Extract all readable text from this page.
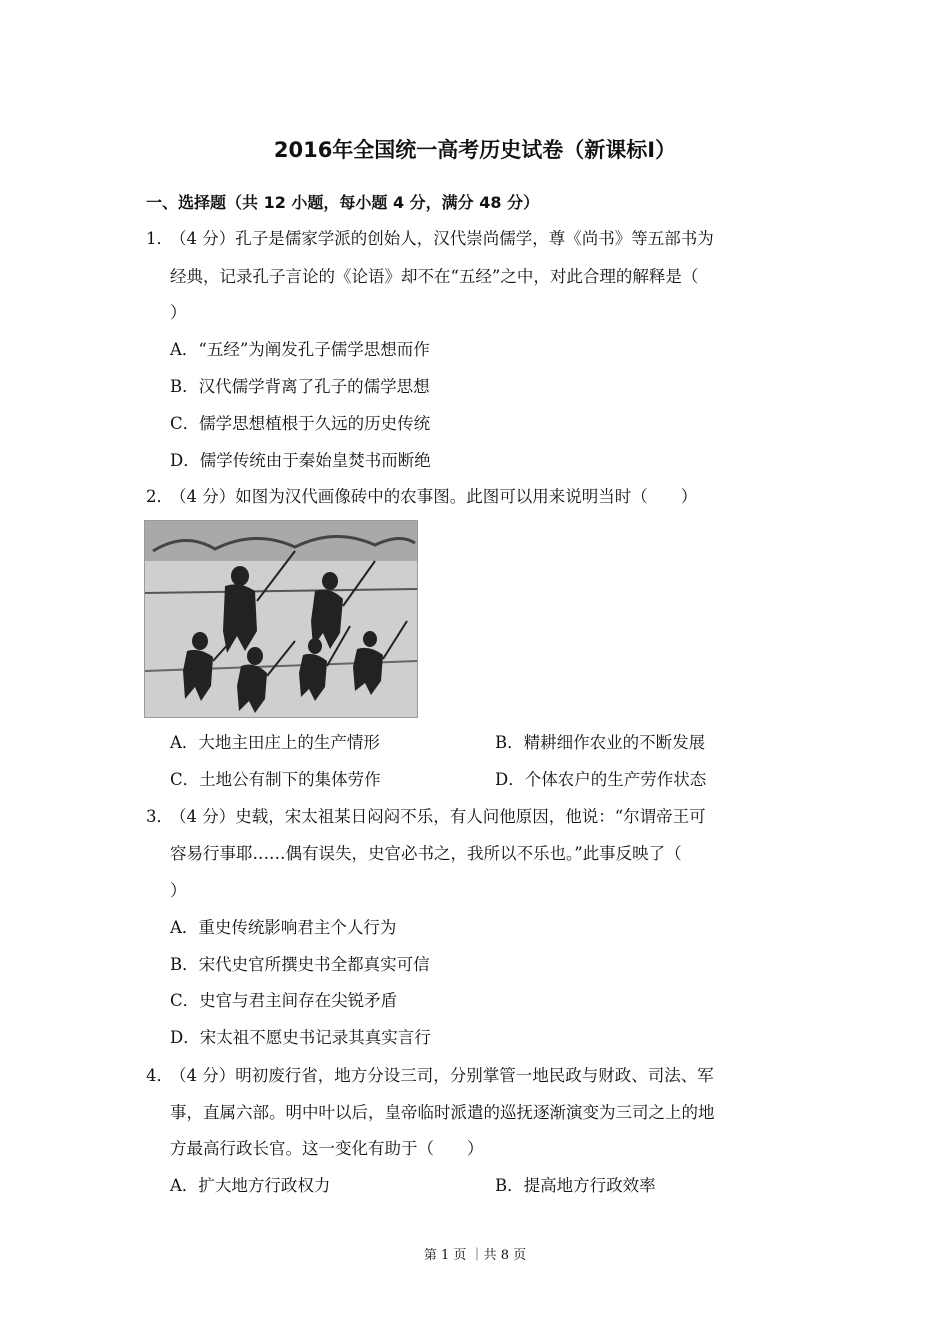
2016年全国统一高考历史试卷（新课标Ⅰ）
一、选择题（共 12 小题，每小题 4 分，满分 48 分）
1．
（4 分）孔子是儒家学派的创始人，汉代崇尚儒学，尊《尚书》等五部书为
经典，记录孔子言论的《论语》却不在“五经”之中，对此合理的解释是（
）
A．“五经”为阐发孔子儒学思想而作
B．汉代儒学背离了孔子的儒学思想
C．儒学思想植根于久远的历史传统
D．儒学传统由于秦始皇焚书而断绝
2．
（4 分）如图为汉代画像砖中的农事图。此图可以用来说明当时（　　）
A．大地主田庄上的生产情形	B．精耕细作农业的不断发展
C．土地公有制下的集体劳作	D．个体农户的生产劳作状态
3．
（4 分）史载，宋太祖某日闷闷不乐，有人问他原因，他说：“尔谓帝王可
容易行事耶……偶有误失，史官必书之，我所以不乐也。”此事反映了（
）
A．重史传统影响君主个人行为
B．宋代史官所撰史书全都真实可信
C．史官与君主间存在尖锐矛盾
D．宋太祖不愿史书记录其真实言行
4．
（4 分）明初废行省，地方分设三司，分别掌管一地民政与财政、司法、军
事，直属六部。明中叶以后，皇帝临时派遣的巡抚逐渐演变为三司之上的地
方最高行政长官。这一变化有助于（　　）
A．扩大地方行政权力	B．提高地方行政效率
第 1 页 ｜共 8 页
